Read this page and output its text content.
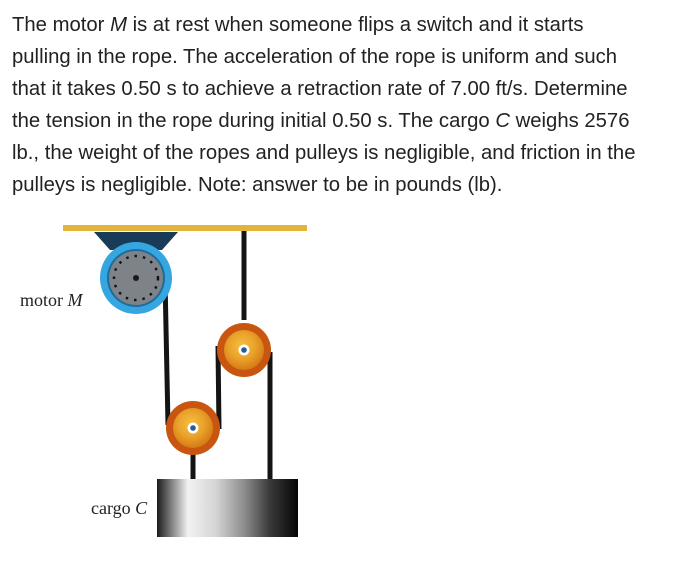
The motor M is at rest when someone flips a switch and it starts
pulling in the rope. The acceleration of the rope is uniform and such
that it takes 0.50 s to achieve a retraction rate of 7.00 ft/s. Determine
the tension in the rope during initial 0.50 s. The cargo C weighs 2576
lb., the weight of the ropes and pulleys is negligible, and friction in the
pulleys is negligible. Note: answer to be in pounds (lb).

motor M
cargo C
